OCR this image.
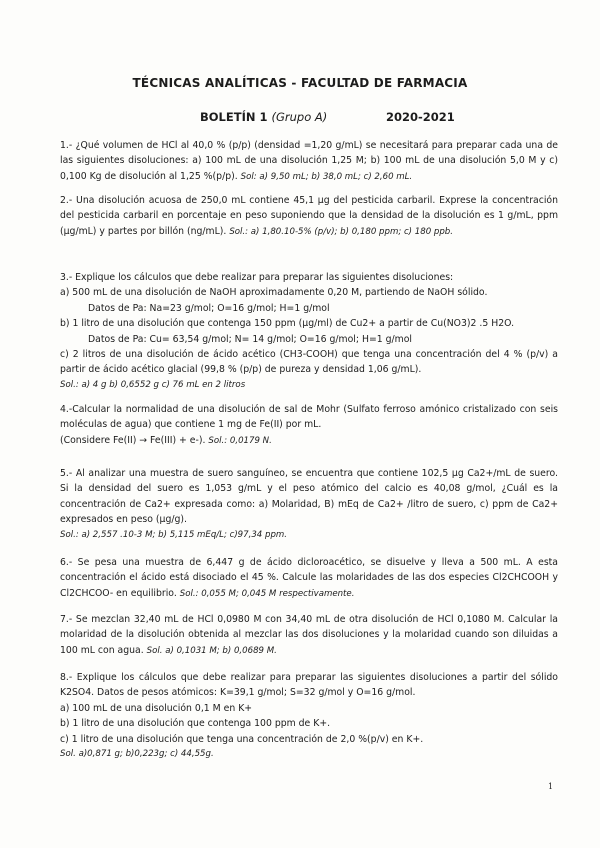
TÉCNICAS ANALÍTICAS - FACULTAD DE FARMACIA
BOLETÍN 1 (Grupo A)	2020-2021

1.- ¿Qué volumen de HCl al 40,0 % (p/p) (densidad =1,20 g/mL) se necesitará para preparar cada una de las siguientes disoluciones: a) 100 mL de una disolución 1,25 M; b) 100 mL de una disolución 5,0 M y c) 0,100 Kg de disolución al 1,25 %(p/p). Sol: a) 9,50 mL; b) 38,0 mL; c) 2,60 mL.

2.- Una disolución acuosa de 250,0 mL contiene 45,1 µg del pesticida carbaril. Exprese la concentración del pesticida carbaril en porcentaje en peso suponiendo que la densidad de la disolución es 1 g/mL, ppm (µg/mL) y partes por billón (ng/mL). Sol.: a) 1,80.10-5% (p/v); b) 0,180 ppm; c) 180 ppb.

3.- Explique los cálculos que debe realizar para preparar las siguientes disoluciones:

a) 500 mL de una disolución de NaOH aproximadamente 0,20 M, partiendo de NaOH sólido.

Datos de Pa: Na=23 g/mol; O=16 g/mol; H=1 g/mol

b) 1 litro de una disolución que contenga 150 ppm (µg/ml) de Cu2+ a partir de Cu(NO3)2 .5 H2O.

Datos de Pa: Cu= 63,54 g/mol; N= 14 g/mol; O=16 g/mol; H=1 g/mol

c) 2 litros de una disolución de ácido acético (CH3-COOH) que tenga una concentración del 4 % (p/v) a partir de ácido acético glacial (99,8 % (p/p) de pureza y densidad 1,06 g/mL).

Sol.: a) 4 g b) 0,6552 g c) 76 mL en 2 litros

4.-Calcular la normalidad de una disolución de sal de Mohr (Sulfato ferroso amónico cristalizado con seis moléculas de agua) que contiene 1 mg de Fe(II) por mL.

(Considere Fe(II) → Fe(III) + e-). Sol.: 0,0179 N.

5.- Al analizar una muestra de suero sanguíneo, se encuentra que contiene 102,5 µg Ca2+/mL de suero. Si la densidad del suero es 1,053 g/mL y el peso atómico del calcio es 40,08 g/mol, ¿Cuál es la concentración de Ca2+ expresada como: a) Molaridad, B) mEq de Ca2+ /litro de suero, c) ppm de Ca2+ expresados en peso (µg/g).

Sol.: a) 2,557 .10-3 M; b) 5,115 mEq/L; c)97,34 ppm.

6.- Se pesa una muestra de 6,447 g de ácido dicloroacético, se disuelve y lleva a 500 mL. A esta concentración el ácido está disociado el 45 %. Calcule las molaridades de las dos especies Cl2CHCOOH y Cl2CHCOO- en equilibrio. Sol.: 0,055 M; 0,045 M respectivamente.

7.- Se mezclan 32,40 mL de HCl 0,0980 M con 34,40 mL de otra disolución de HCl 0,1080 M. Calcular la molaridad de la disolución obtenida al mezclar las dos disoluciones y la molaridad cuando son diluidas a 100 mL con agua. Sol. a) 0,1031 M; b) 0,0689 M.

8.- Explique los cálculos que debe realizar para preparar las siguientes disoluciones a partir del sólido K2SO4. Datos de pesos atómicos: K=39,1 g/mol; S=32 g/mol y O=16 g/mol.

a) 100 mL de una disolución 0,1 M en K+

b) 1 litro de una disolución que contenga 100 ppm de K+.

c) 1 litro de una disolución que tenga una concentración de 2,0 %(p/v) en K+.

Sol. a)0,871 g; b)0,223g; c) 44,55g.

1
